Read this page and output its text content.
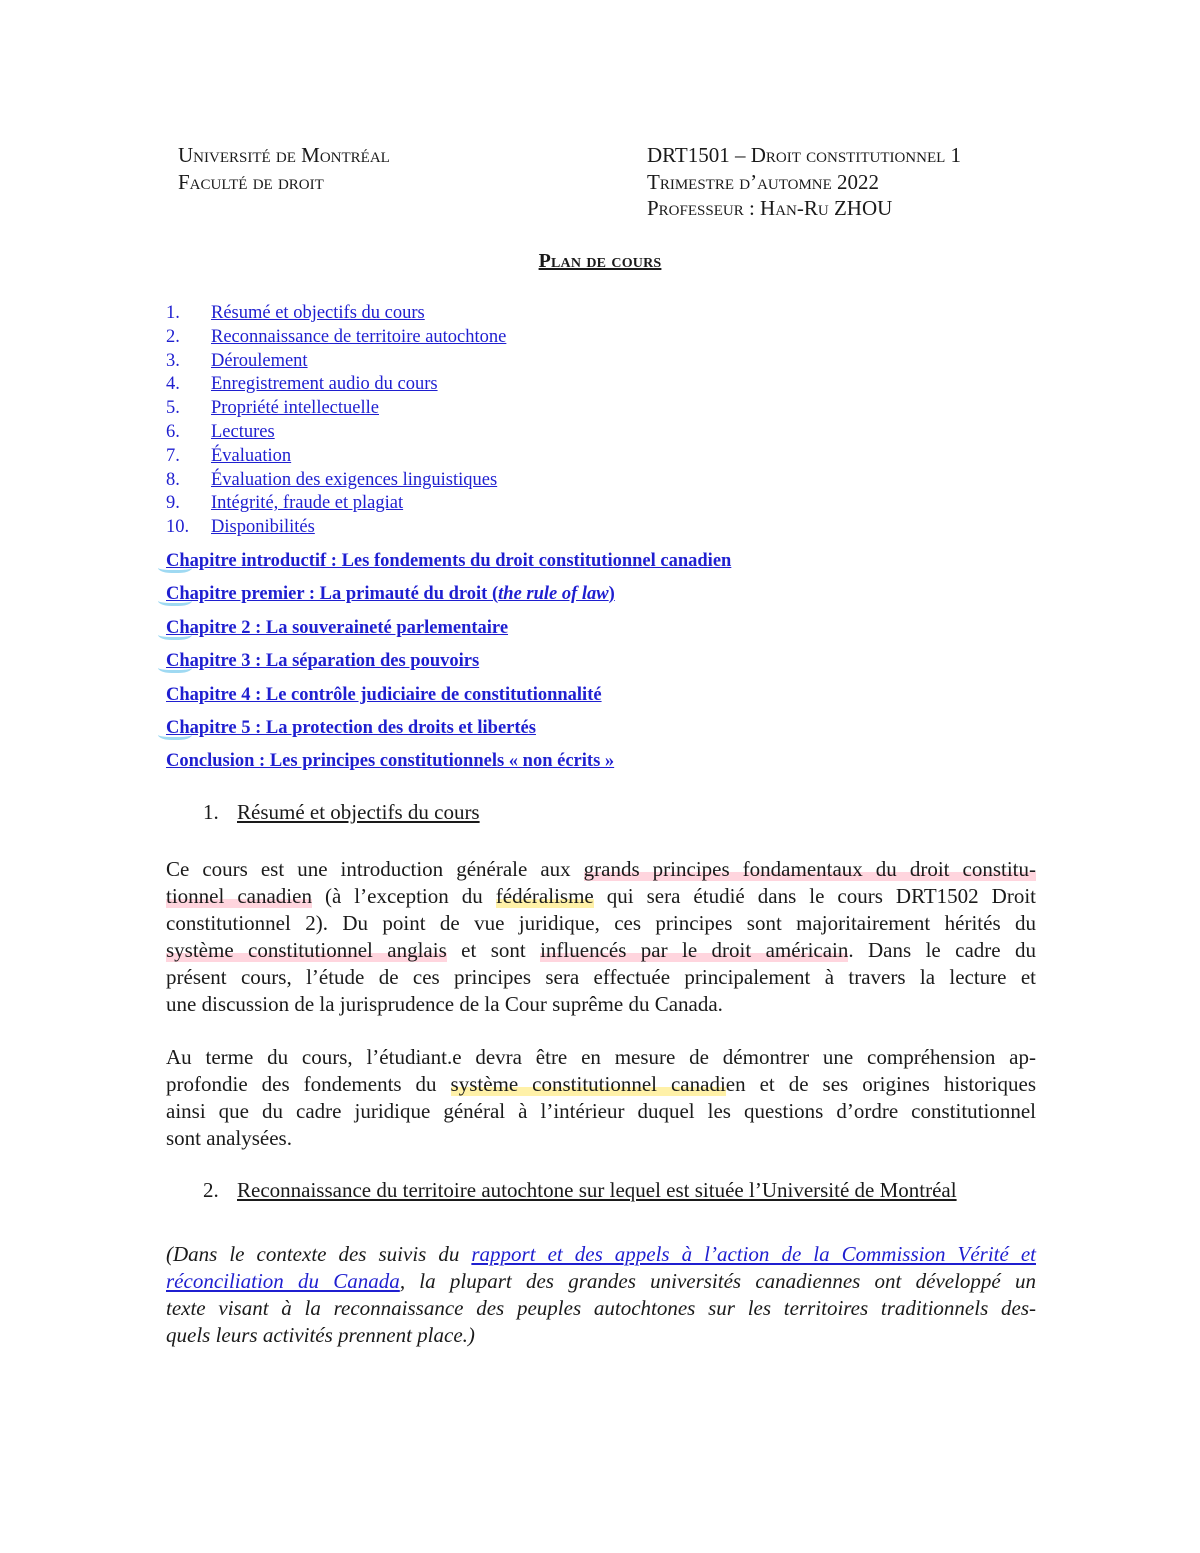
Université de Montréal
Faculté de droit
DRT1501 – Droit constitutionnel 1
Trimestre d’automne 2022
Professeur : Han-Ru ZHOU
Plan de cours
1. Résumé et objectifs du cours
2. Reconnaissance de territoire autochtone
3. Déroulement
4. Enregistrement audio du cours
5. Propriété intellectuelle
6. Lectures
7. Évaluation
8. Évaluation des exigences linguistiques
9. Intégrité, fraude et plagiat
10. Disponibilités
Chapitre introductif : Les fondements du droit constitutionnel canadien
Chapitre premier : La primauté du droit (the rule of law)
Chapitre 2 : La souveraineté parlementaire
Chapitre 3 : La séparation des pouvoirs
Chapitre 4 : Le contrôle judiciaire de constitutionnalité
Chapitre 5 : La protection des droits et libertés
Conclusion : Les principes constitutionnels « non écrits »
1. Résumé et objectifs du cours
Ce cours est une introduction générale aux grands principes fondamentaux du droit constitu-
tionnel canadien (à l’exception du fédéralisme qui sera étudié dans le cours DRT1502 Droit
constitutionnel 2). Du point de vue juridique, ces principes sont majoritairement hérités du
système constitutionnel anglais et sont influencés par le droit américain. Dans le cadre du
présent cours, l’étude de ces principes sera effectuée principalement à travers la lecture et
une discussion de la jurisprudence de la Cour suprême du Canada.
Au terme du cours, l’étudiant.e devra être en mesure de démontrer une compréhension ap-
profondie des fondements du système constitutionnel canadien et de ses origines historiques
ainsi que du cadre juridique général à l’intérieur duquel les questions d’ordre constitutionnel
sont analysées.
2. Reconnaissance du territoire autochtone sur lequel est située l’Université de Montréal
(Dans le contexte des suivis du rapport et des appels à l’action de la Commission Vérité et
réconciliation du Canada, la plupart des grandes universités canadiennes ont développé un
texte visant à la reconnaissance des peuples autochtones sur les territoires traditionnels des-
quels leurs activités prennent place.)
